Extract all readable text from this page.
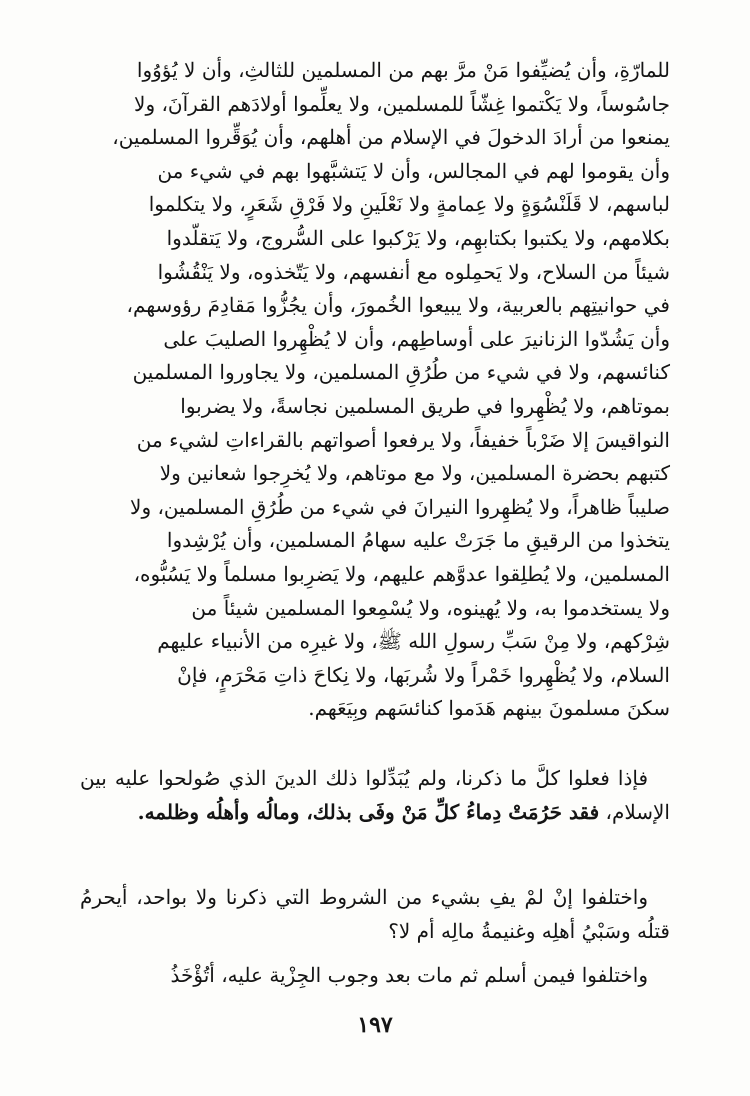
للمارّةِ، وأن يُضيِّفوا مَنْ مرَّ بهم من المسلمين للثالثِ، وأن لا يُؤوُوا
جاسُوساً، ولا يَكْتموا غِشّاً للمسلمين، ولا يعلِّموا أولادَهم القرآنَ، ولا
يمنعوا من أرادَ الدخولَ في الإسلام من أهلهم، وأن يُوَقِّروا المسلمين،
وأن يقوموا لهم في المجالس، وأن لا يَتشبَّهوا بهم في شيء من
لباسهم، لا قَلَنْسُوَةٍ ولا عِمامةٍ ولا نَعْلَينِ ولا فَرْقِ شَعَرٍ، ولا يتكلموا
بكلامهم، ولا يكتبوا بكتابهِم، ولا يَرْكبوا على السُّروج، ولا يَتقلّدوا
شيئاً من السلاح، ولا يَحمِلوه مع أنفسهم، ولا يَتّخذوه، ولا يَنْقُشُوا
في حوانيتِهم بالعربية، ولا يبيعوا الخُمورَ، وأن يجُزُّوا مَقادِمَ رؤوسهم،
وأن يَشُدّوا الزنانيرَ على أوساطِهم، وأن لا يُظْهِروا الصليبَ على
كنائسهم، ولا في شيء من طُرُقِ المسلمين، ولا يجاوروا المسلمين
بموتاهم، ولا يُظْهِروا في طريق المسلمين نجاسةً، ولا يضربوا
النواقيسَ إلا ضَرْباً خفيفاً، ولا يرفعوا أصواتهم بالقراءاتِ لشيء من
كتبهم بحضرة المسلمين، ولا مع موتاهم، ولا يُخرِجوا شعانين ولا
صليباً ظاهراً، ولا يُظهِروا النيرانَ في شيء من طُرُقِ المسلمين، ولا
يتخذوا من الرقيقِ ما جَرَتْ عليه سهامُ المسلمين، وأن يُرْشِدوا
المسلمين، ولا يُطلِقوا عدوَّهم عليهم، ولا يَضرِبوا مسلماً ولا يَسُبُّوه،
ولا يستخدموا به، ولا يُهينوه، ولا يُسْمِعوا المسلمين شيئاً من
شِرْكهم، ولا مِنْ سَبِّ رسولِ الله ﷺ، ولا غيرِه من الأنبياء عليهم
السلام، ولا يُظْهِروا خَمْراً ولا شُربَها، ولا نِكاحَ ذاتِ مَحْرَمٍ، فإنْ
سكنَ مسلمونَ بينهم هَدَموا كنائسَهم وبِيَعَهم.
فإذا فعلوا كلَّ ما ذكرنا، ولم يُبَدِّلوا ذلك الدينَ الذي صُولحوا عليه بين الإسلام، فقد حَرُمَتْ دِماءُ كلِّ مَنْ وفَى بذلك، ومالُه وأهلُه وظلمه.
واختلفوا إنْ لمْ يفِ بشيء من الشروط التي ذكرنا ولا بواحد، أيحرمُ قتلُه وسَبْيُ أهلِه وغنيمةُ مالِه أم لا؟
واختلفوا فيمن أسلم ثم مات بعد وجوب الجِزْية عليه، أتُؤْخَذُ
١٩٧
